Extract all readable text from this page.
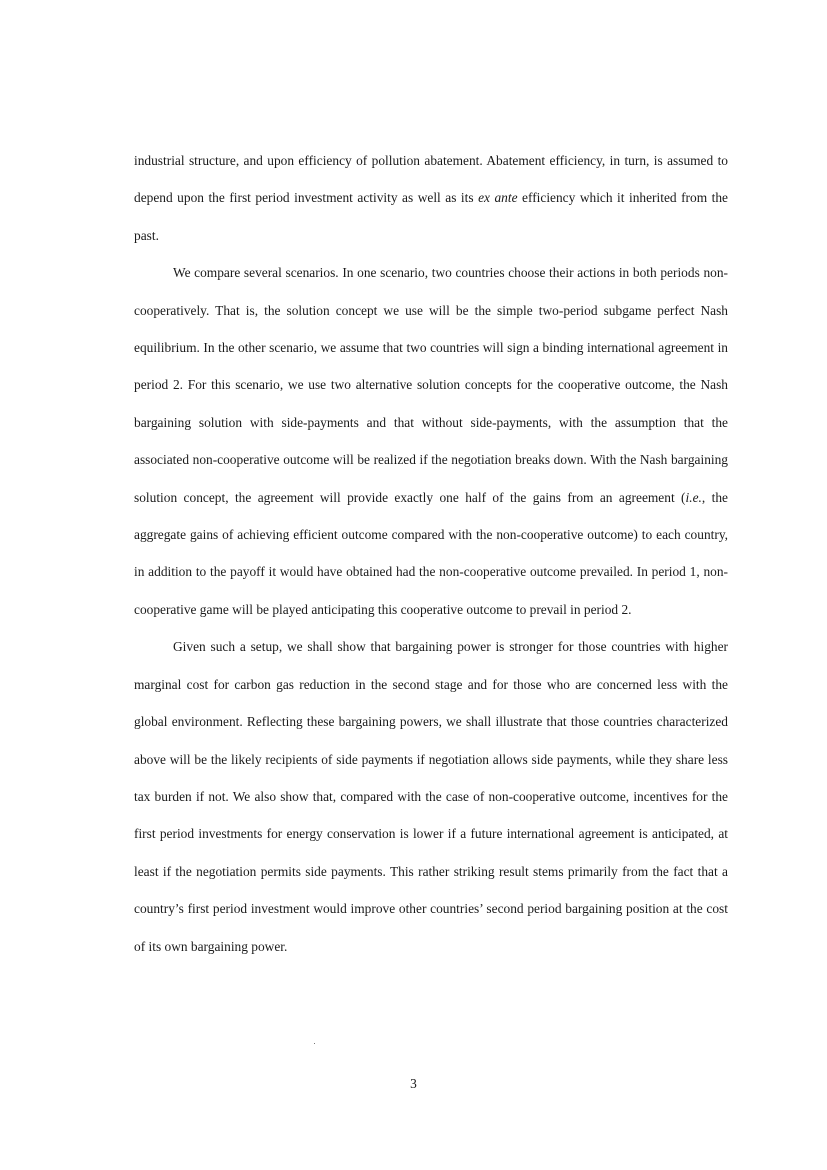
industrial structure, and upon efficiency of pollution abatement. Abatement efficiency, in turn, is assumed to depend upon the first period investment activity as well as its ex ante efficiency which it inherited from the past.

We compare several scenarios. In one scenario, two countries choose their actions in both periods non-cooperatively. That is, the solution concept we use will be the simple two-period subgame perfect Nash equilibrium. In the other scenario, we assume that two countries will sign a binding international agreement in period 2. For this scenario, we use two alternative solution concepts for the cooperative outcome, the Nash bargaining solution with side-payments and that without side-payments, with the assumption that the associated non-cooperative outcome will be realized if the negotiation breaks down. With the Nash bargaining solution concept, the agreement will provide exactly one half of the gains from an agreement (i.e., the aggregate gains of achieving efficient outcome compared with the non-cooperative outcome) to each country, in addition to the payoff it would have obtained had the non-cooperative outcome prevailed. In period 1, non-cooperative game will be played anticipating this cooperative outcome to prevail in period 2.

Given such a setup, we shall show that bargaining power is stronger for those countries with higher marginal cost for carbon gas reduction in the second stage and for those who are concerned less with the global environment. Reflecting these bargaining powers, we shall illustrate that those countries characterized above will be the likely recipients of side payments if negotiation allows side payments, while they share less tax burden if not. We also show that, compared with the case of non-cooperative outcome, incentives for the first period investments for energy conservation is lower if a future international agreement is anticipated, at least if the negotiation permits side payments. This rather striking result stems primarily from the fact that a country’s first period investment would improve other countries’ second period bargaining position at the cost of its own bargaining power.

3
